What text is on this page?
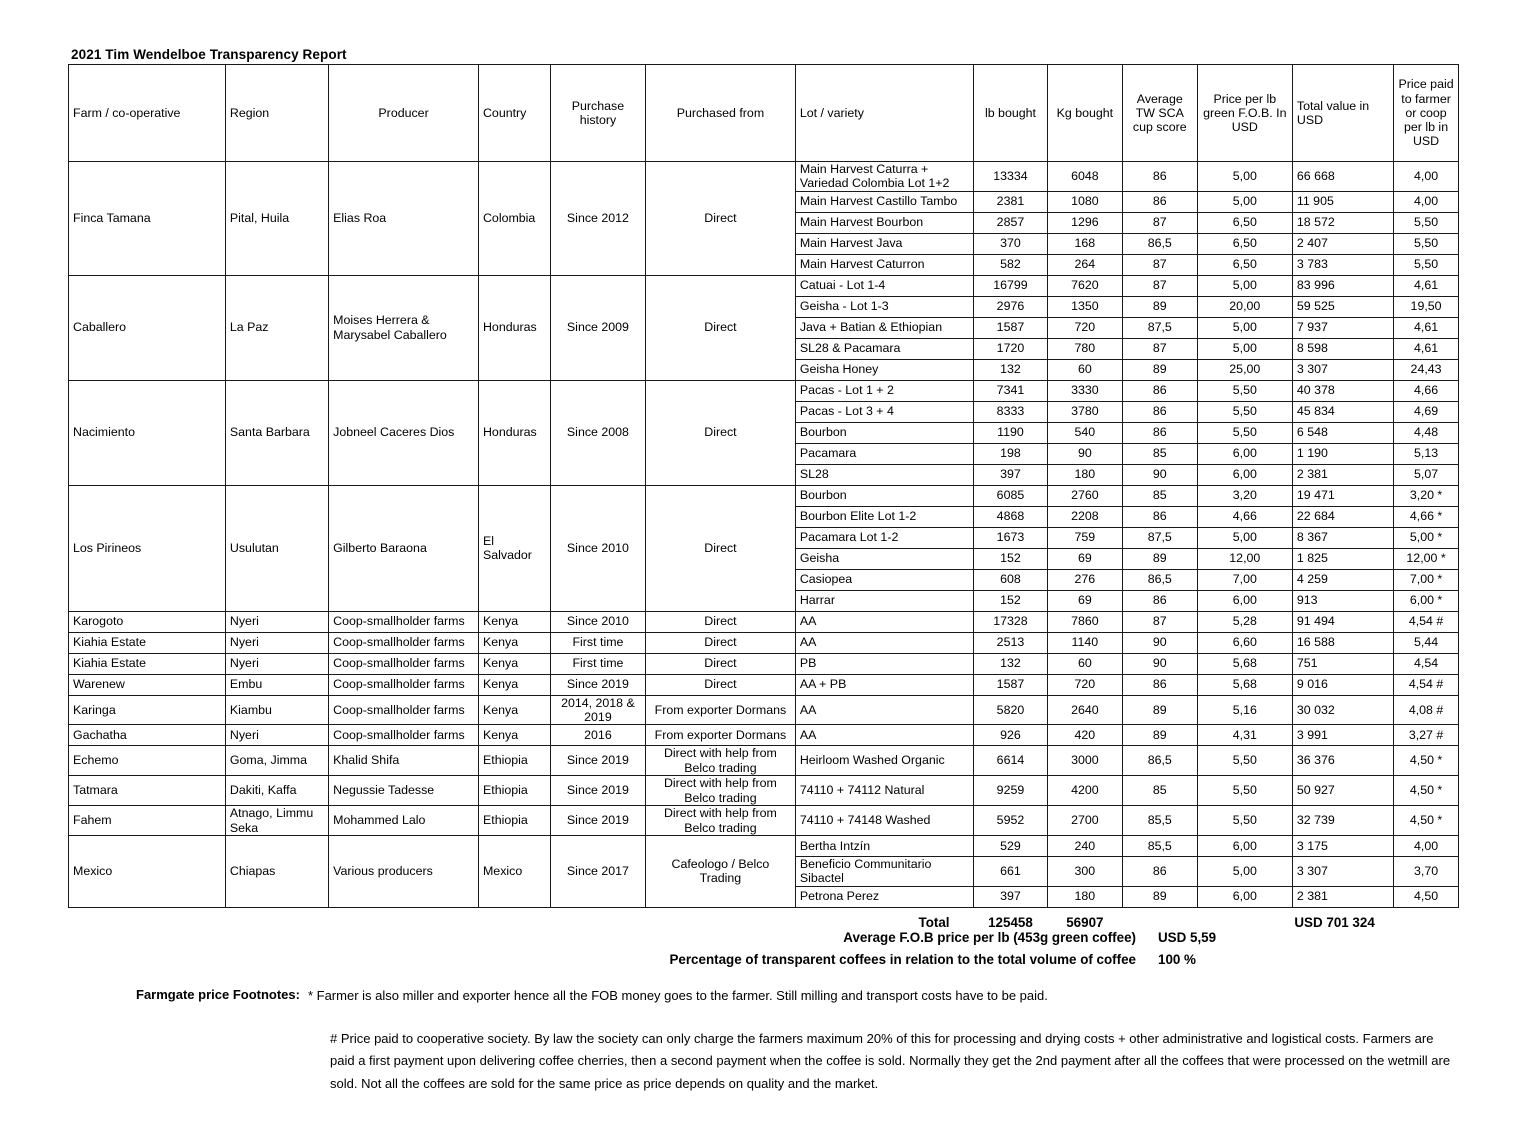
2021 Tim Wendelboe Transparency Report
Farm / co-operative	Region	Producer	Country	Purchase history	Purchased from	Lot / variety	lb bought	Kg bought	Average TW SCA cup score	Price per lb green F.O.B. In USD	Total value in USD	Price paid to farmer or coop per lb in USD
Finca Tamana	Pital, Huila	Elias Roa	Colombia	Since 2012	Direct	Main Harvest Caturra + Variedad Colombia Lot 1+2	13334	6048	86	5,00	66 668	4,00
						Main Harvest Castillo Tambo	2381	1080	86	5,00	11 905	4,00
						Main Harvest Bourbon	2857	1296	87	6,50	18 572	5,50
						Main Harvest Java	370	168	86,5	6,50	2 407	5,50
						Main Harvest Caturron	582	264	87	6,50	3 783	5,50
Caballero	La Paz	Moises Herrera & Marysabel Caballero	Honduras	Since 2009	Direct	Catuai - Lot 1-4	16799	7620	87	5,00	83 996	4,61
						Geisha - Lot 1-3	2976	1350	89	20,00	59 525	19,50
						Java + Batian & Ethiopian	1587	720	87,5	5,00	7 937	4,61
						SL28 & Pacamara	1720	780	87	5,00	8 598	4,61
						Geisha Honey	132	60	89	25,00	3 307	24,43
Nacimiento	Santa Barbara	Jobneel Caceres Dios	Honduras	Since 2008	Direct	Pacas - Lot 1 + 2	7341	3330	86	5,50	40 378	4,66
						Pacas - Lot 3 + 4	8333	3780	86	5,50	45 834	4,69
						Bourbon	1190	540	86	5,50	6 548	4,48
						Pacamara	198	90	85	6,00	1 190	5,13
						SL28	397	180	90	6,00	2 381	5,07
Los Pirineos	Usulutan	Gilberto Baraona	El Salvador	Since 2010	Direct	Bourbon	6085	2760	85	3,20	19 471	3,20 *
						Bourbon Elite Lot 1-2	4868	2208	86	4,66	22 684	4,66 *
						Pacamara Lot 1-2	1673	759	87,5	5,00	8 367	5,00 *
						Geisha	152	69	89	12,00	1 825	12,00 *
						Casiopea	608	276	86,5	7,00	4 259	7,00 *
						Harrar	152	69	86	6,00	913	6,00 *
Karogoto	Nyeri	Coop-smallholder farms	Kenya	Since 2010	Direct	AA	17328	7860	87	5,28	91 494	4,54 #
Kiahia Estate	Nyeri	Coop-smallholder farms	Kenya	First time	Direct	AA	2513	1140	90	6,60	16 588	5,44
Kiahia Estate	Nyeri	Coop-smallholder farms	Kenya	First time	Direct	PB	132	60	90	5,68	751	4,54
Warenew	Embu	Coop-smallholder farms	Kenya	Since 2019	Direct	AA + PB	1587	720	86	5,68	9 016	4,54 #
Karinga	Kiambu	Coop-smallholder farms	Kenya	2014, 2018 & 2019	From exporter Dormans	AA	5820	2640	89	5,16	30 032	4,08 #
Gachatha	Nyeri	Coop-smallholder farms	Kenya	2016	From exporter Dormans	AA	926	420	89	4,31	3 991	3,27 #
Echemo	Goma, Jimma	Khalid Shifa	Ethiopia	Since 2019	Direct with help from Belco trading	Heirloom Washed Organic	6614	3000	86,5	5,50	36 376	4,50 *
Tatmara	Dakiti, Kaffa	Negussie Tadesse	Ethiopia	Since 2019	Direct with help from Belco trading	74110 + 74112 Natural	9259	4200	85	5,50	50 927	4,50 *
Fahem	Atnago, Limmu Seka	Mohammed Lalo	Ethiopia	Since 2019	Direct with help from Belco trading	74110 + 74148 Washed	5952	2700	85,5	5,50	32 739	4,50 *
Mexico	Chiapas	Various producers	Mexico	Since 2017	Cafeologo / Belco Trading	Bertha Intzín	529	240	85,5	6,00	3 175	4,00
						Beneficio Communitario Sibactel	661	300	86	5,00	3 307	3,70
						Petrona Perez	397	180	89	6,00	2 381	4,50
						Total	125458	56907			USD 701 324	
Average F.O.B price per lb (453g green coffee) USD 5,59
Percentage of transparent coffees in relation to the total volume of coffee 100 %
Farmgate price Footnotes: * Farmer is also miller and exporter hence all the FOB money goes to the farmer. Still milling and transport costs have to be paid.
# Price paid to cooperative society. By law the society can only charge the farmers maximum 20% of this for processing and drying costs + other administrative and logistical costs. Farmers are paid a first payment upon delivering coffee cherries, then a second payment when the coffee is sold. Normally they get the 2nd payment after all the coffees that were processed on the wetmill are sold. Not all the coffees are sold for the same price as price depends on quality and the market.
